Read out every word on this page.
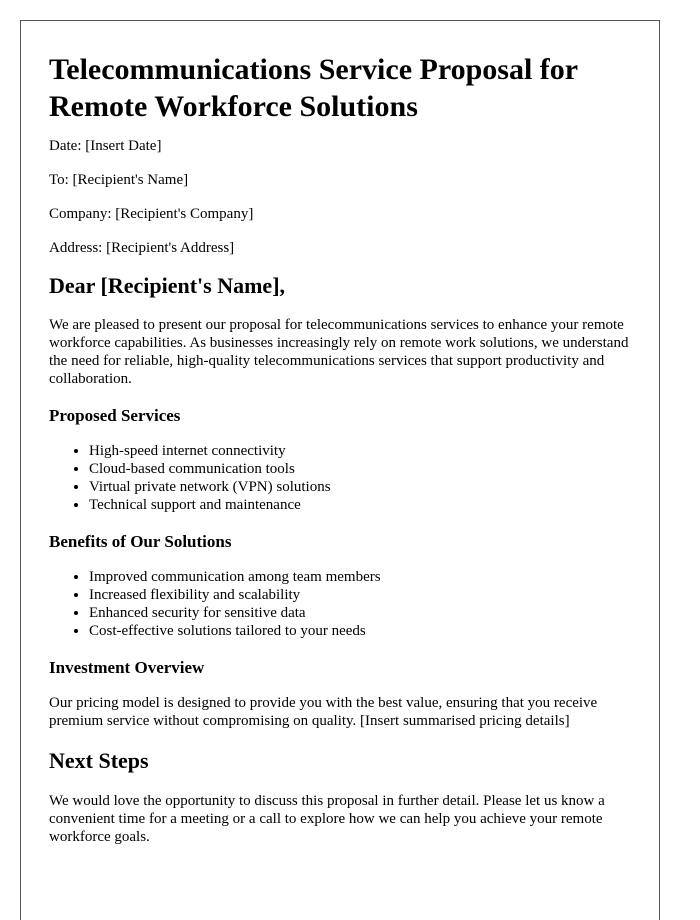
Telecommunications Service Proposal for Remote Workforce Solutions

Date: [Insert Date]

To: [Recipient's Name]

Company: [Recipient's Company]

Address: [Recipient's Address]

Dear [Recipient's Name],

We are pleased to present our proposal for telecommunications services to enhance your remote workforce capabilities. As businesses increasingly rely on remote work solutions, we understand the need for reliable, high-quality telecommunications services that support productivity and collaboration.

Proposed Services
• High-speed internet connectivity
• Cloud-based communication tools
• Virtual private network (VPN) solutions
• Technical support and maintenance
Benefits of Our Solutions
• Improved communication among team members
• Increased flexibility and scalability
• Enhanced security for sensitive data
• Cost-effective solutions tailored to your needs
Investment Overview

Our pricing model is designed to provide you with the best value, ensuring that you receive premium service without compromising on quality. [Insert summarised pricing details]

Next Steps

We would love the opportunity to discuss this proposal in further detail. Please let us know a convenient time for a meeting or a call to explore how we can help you achieve your remote workforce goals.
